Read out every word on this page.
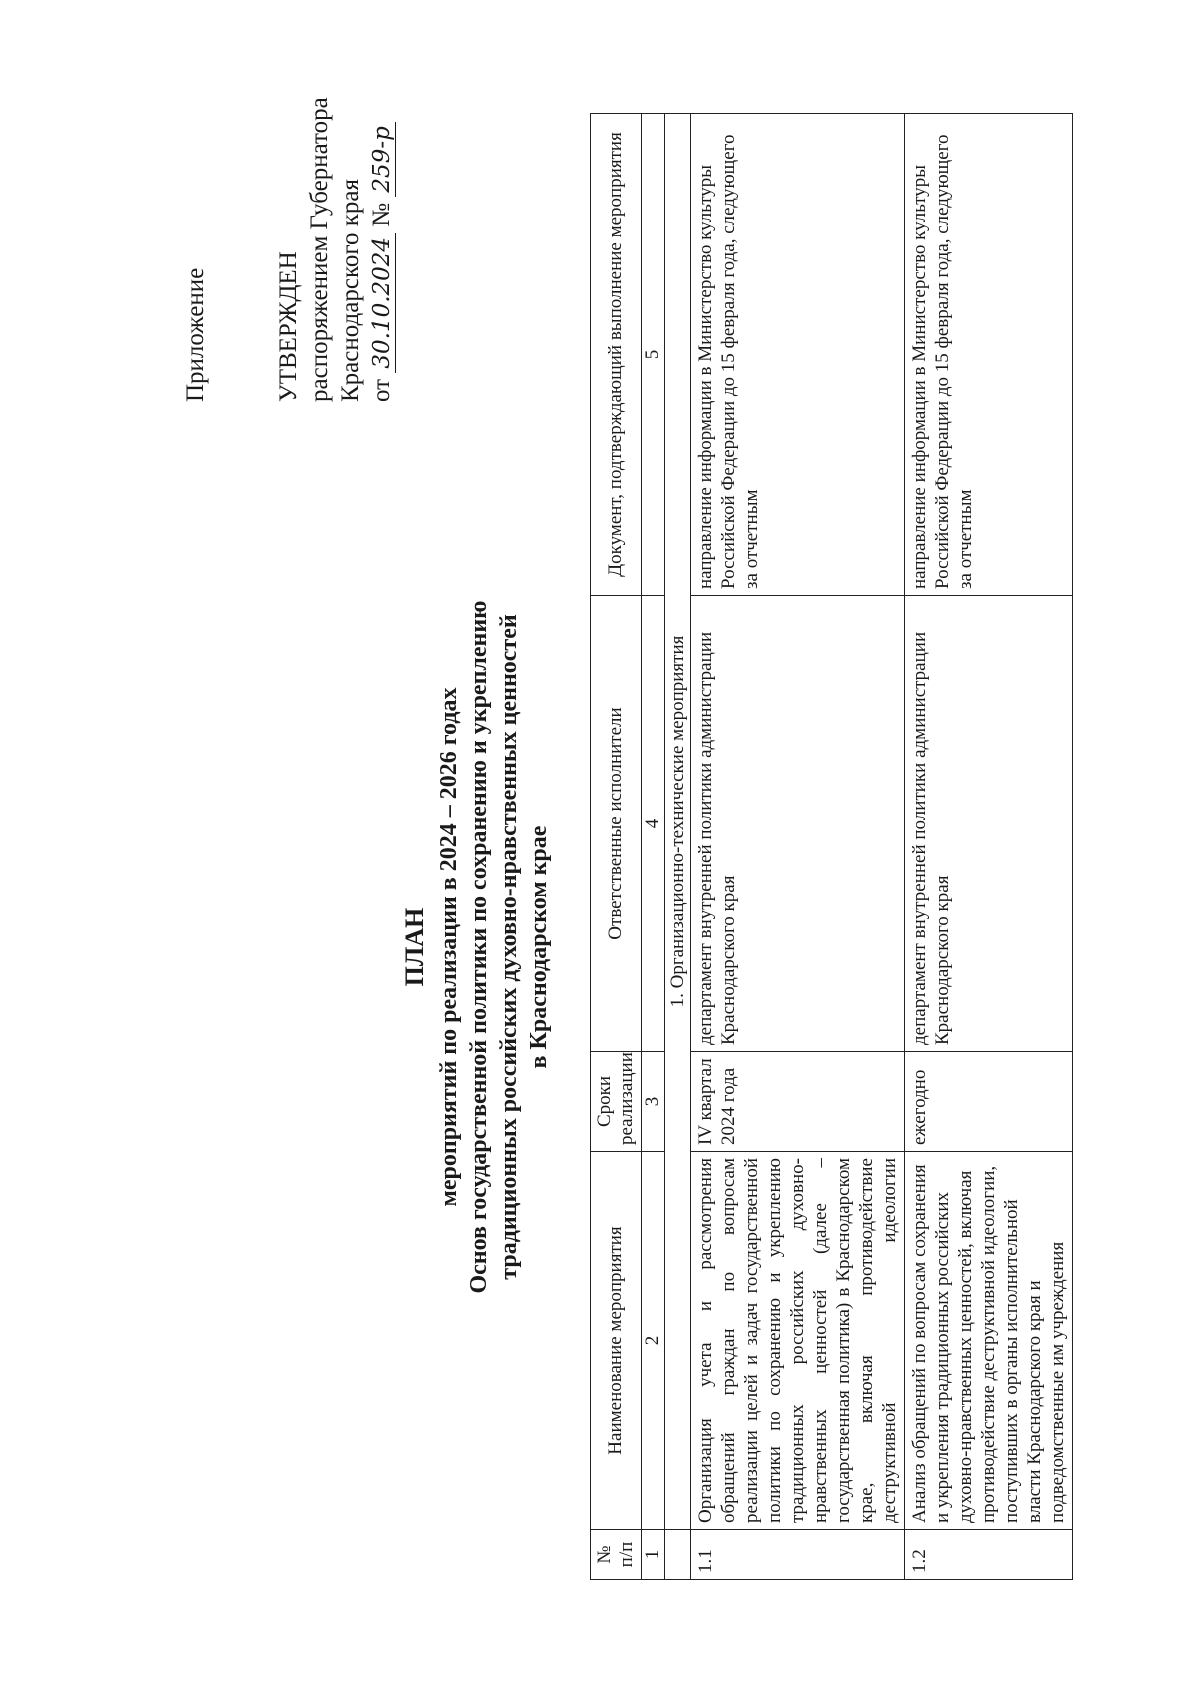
Приложение	УТВЕРЖДЕН распоряжением Губернатора Краснодарского края от 30.10.2024 № 259-р
ПЛАН мероприятий по реализации в 2024 – 2026 годах Основ государственной политики по сохранению и укреплению традиционных российских духовно-нравственных ценностей в Краснодарском крае
№ п/п	Наименование мероприятия	Сроки реализации	Ответственные исполнители	Документ, подтверждающий выполнение мероприятия
1	2	3	4	5
	1. Организационно-технические мероприятия			
1.1	Организация учета и рассмотрения обращений граждан по вопросам реализации целей и задач государственной политики по сохранению и укреплению традиционных российских духовно-нравственных ценностей (далее – государственная политика) в Краснодарском крае, включая противодействие деструктивной идеологии	IV квартал 2024 года	департамент внутренней политики администрации Краснодарского края	направление информации в Министерство культуры Российской Федерации до 15 февраля года, следующего за отчетным
1.2	Анализ обращений по вопросам сохранения и укрепления традиционных российских духовно-нравственных ценностей, включая противодействие деструктивной идеологии, поступивших в органы исполнительной власти Краснодарского края и подведомственные им учреждения	ежегодно	департамент внутренней политики администрации Краснодарского края	направление информации в Министерство культуры Российской Федерации до 15 февраля года, следующего за отчетным
